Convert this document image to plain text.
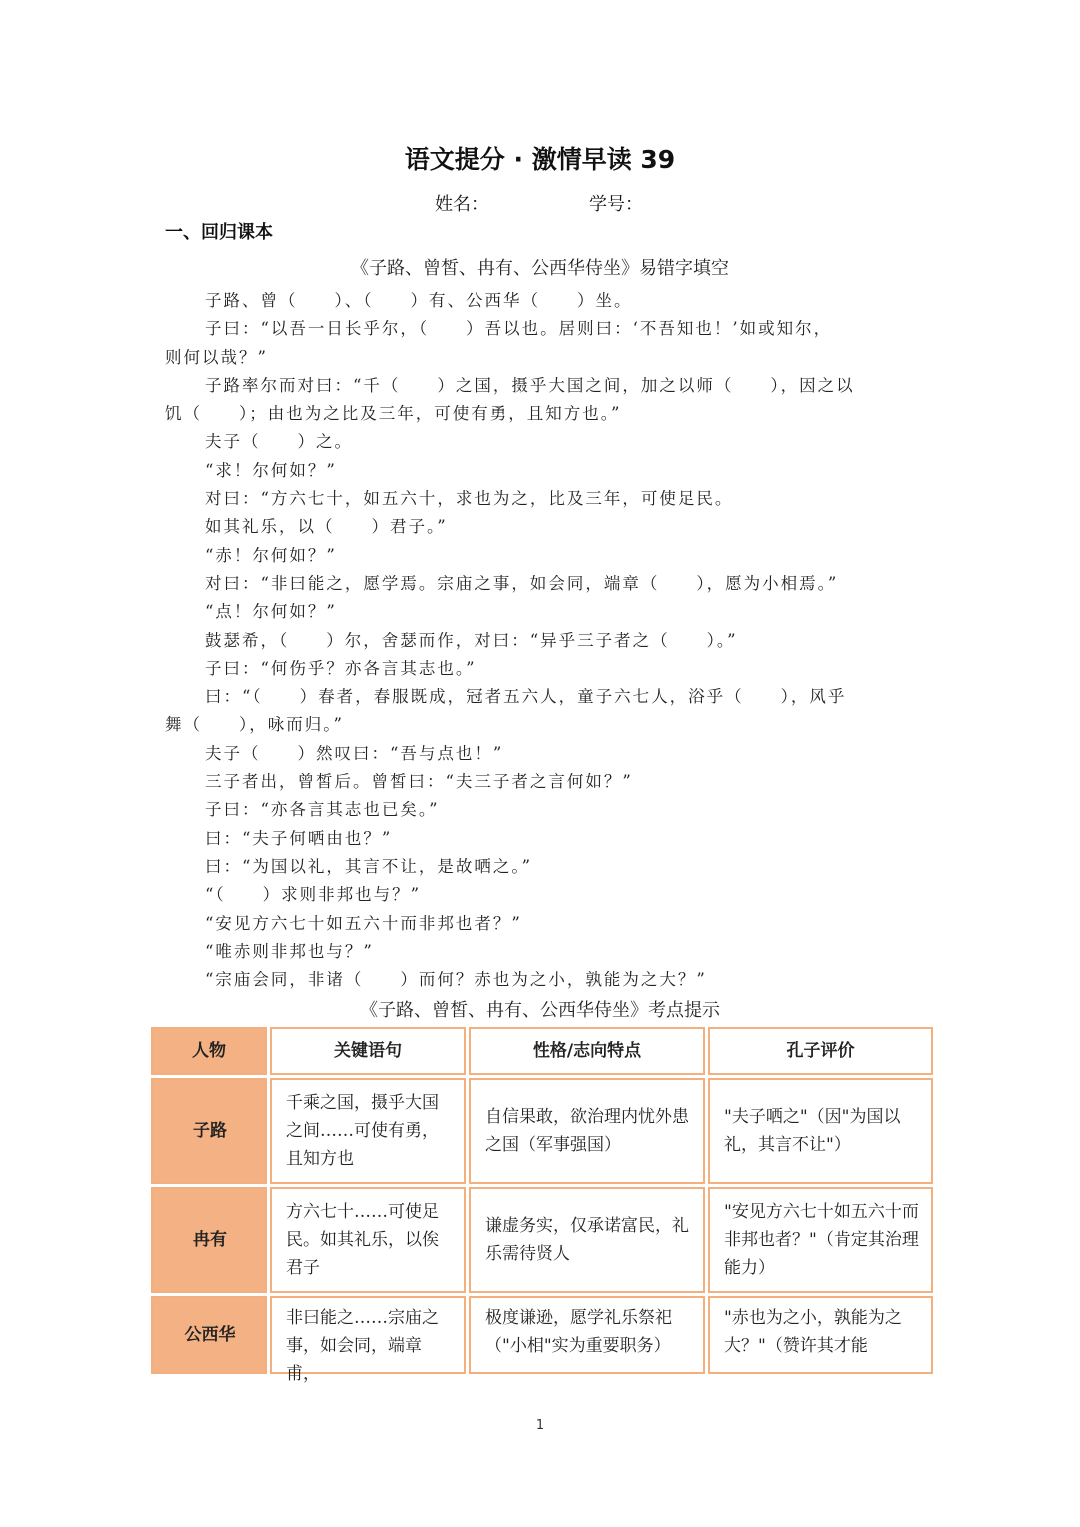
语文提分 · 激情早读 39
姓名：	学号：
一、回归课本
《子路、曾皙、冉有、公西华侍坐》易错字填空
子路、曾（　　）、（　　）有、公西华（　　）坐。
子曰：“以吾一日长乎尔，（　　）吾以也。居则曰：‘不吾知也！’如或知尔，
则何以哉？”
子路率尔而对曰：“千（　　）之国，摄乎大国之间，加之以师（　　），因之以
饥（　　）；由也为之比及三年，可使有勇，且知方也。”
夫子（　　）之。
“求！尔何如？”
对曰：“方六七十，如五六十，求也为之，比及三年，可使足民。
如其礼乐，以（　　）君子。”
“赤！尔何如？”
对曰：“非曰能之，愿学焉。宗庙之事，如会同，端章（　　），愿为小相焉。”
“点！尔何如？”
鼓瑟希，（　　）尔，舍瑟而作，对曰：“异乎三子者之（　　）。”
子曰：“何伤乎？亦各言其志也。”
曰：“（　　）春者，春服既成，冠者五六人，童子六七人，浴乎（　　），风乎
舞（　　），咏而归。”
夫子（　　）然叹曰：“吾与点也！”
三子者出，曾皙后。曾皙曰：“夫三子者之言何如？”
子曰：“亦各言其志也已矣。”
曰：“夫子何哂由也？”
曰：“为国以礼，其言不让，是故哂之。”
“（　　）求则非邦也与？”
“安见方六七十如五六十而非邦也者？”
“唯赤则非邦也与？”
“宗庙会同，非诸（　　）而何？赤也为之小，孰能为之大？”
《子路、曾皙、冉有、公西华侍坐》考点提示
人物	关键语句	性格/志向特点	孔子评价
子路	千乘之国，摄乎大国之间……可使有勇，且知方也	自信果敢，欲治理内忧外患之国（军事强国）	"夫子哂之"（因"为国以礼，其言不让"）
冉有	方六七十……可使足民。如其礼乐，以俟君子	谦虚务实，仅承诺富民，礼乐需待贤人	"安见方六七十如五六十而非邦也者？"（肯定其治理能力）
公西华	非曰能之……宗庙之事，如会同，端章甫，	极度谦逊，愿学礼乐祭祀（"小相"实为重要职务）	"赤也为之小，孰能为之大？"（赞许其才能
1
